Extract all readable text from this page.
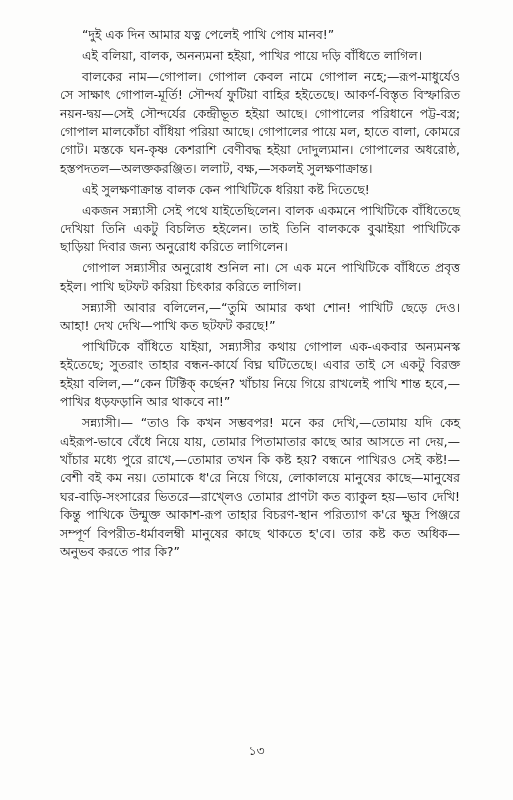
“দুই এক দিন আমার যত্ন পেলেই পাখি পোষ মানব!”

এই বলিয়া, বালক, অনন্যমনা হইয়া, পাখির পায়ে দড়ি বাঁধিতে লাগিল।

বালকের নাম—গোপাল। গোপাল কেবল নামে গোপাল নহে;—রূপ-মাধুর্যেও সে সাক্ষাৎ গোপাল-মূর্তি! সৌন্দর্য ফুটিয়া বাহির হইতেছে। আকর্ণ-বিস্তৃত বিস্ফারিত নয়ন-দ্বয়—সেই সৌন্দর্যের কেন্দ্রীভূত হইয়া আছে। গোপালের পরিধানে পট্ট-বস্ত্র; গোপাল মালকোঁচা বাঁধিয়া পরিয়া আছে। গোপালের পায়ে মল, হাতে বালা, কোমরে গোট। মস্তকে ঘন-কৃষ্ণ কেশরাশি বেণীবদ্ধ হইয়া দোদুল্যমান। গোপালের অধরোষ্ঠ, হস্তপদতল—অলক্তকরঞ্জিত। ললাট, বক্ষ,—সকলই সুলক্ষণাক্রান্ত।

এই সুলক্ষণাক্রান্ত বালক কেন পাখিটিকে ধরিয়া কষ্ট দিতেছে!

একজন সন্ন্যাসী সেই পথে যাইতেছিলেন। বালক একমনে পাখিটিকে বাঁধিতেছে দেখিয়া তিনি একটু বিচলিত হইলেন। তাই তিনি বালককে বুঝাইয়া পাখিটিকে ছাড়িয়া দিবার জন্য অনুরোধ করিতে লাগিলেন।

গোপাল সন্ন্যাসীর অনুরোধ শুনিল না। সে এক মনে পাখিটিকে বাঁধিতে প্রবৃত্ত হইল। পাখি ছটফট করিয়া চিৎকার করিতে লাগিল।

সন্ন্যাসী আবার বলিলেন,—“তুমি আমার কথা শোন! পাখিটি ছেড়ে দেও। আহা! দেখ দেখি—পাখি কত ছটফট করছে!”

পাখিটিকে বাঁধিতে যাইয়া, সন্ন্যাসীর কথায় গোপাল এক-একবার অন্যমনস্ক হইতেছে; সুতরাং তাহার বন্ধন-কার্যে বিঘ্ন ঘটিতেছে। এবার তাই সে একটু বিরক্ত হইয়া বলিল,—“কেন টিক্টিক্ কর্ছেন? খাঁচায় নিয়ে গিয়ে রাখলেই পাখি শান্ত হবে,—পাখির ধড়ফড়ানি আর থাকবে না!”

সন্ন্যাসী।— “তাও কি কখন সম্ভবপর! মনে কর দেখি,—তোমায় যদি কেহ এইরূপ-ভাবে বেঁধে নিয়ে যায়, তোমার পিতামাতার কাছে আর আসতে না দেয়,—খাঁচার মধ্যে পুরে রাখে,—তোমার তখন কি কষ্ট হয়? বন্ধনে পাখিরও সেই কষ্ট!—বেশী বই কম নয়। তোমাকে ধ'রে নিয়ে গিয়ে, লোকালয়ে মানুষের কাছে—মানুষের ঘর-বাড়ি-সংসারের ভিতরে—রাখ্লেও তোমার প্রাণটা কত ব্যাকুল হয়—ভাব দেখি! কিন্তু পাখিকে উন্মুক্ত আকাশ-রূপ তাহার বিচরণ-স্থান পরিত্যাগ ক'রে ক্ষুদ্র পিঞ্জরে সম্পূর্ণ বিপরীত-ধর্মাবলম্বী মানুষের কাছে থাকতে হ'বে। তার কষ্ট কত অধিক—অনুভব করতে পার কি?”

১৩
